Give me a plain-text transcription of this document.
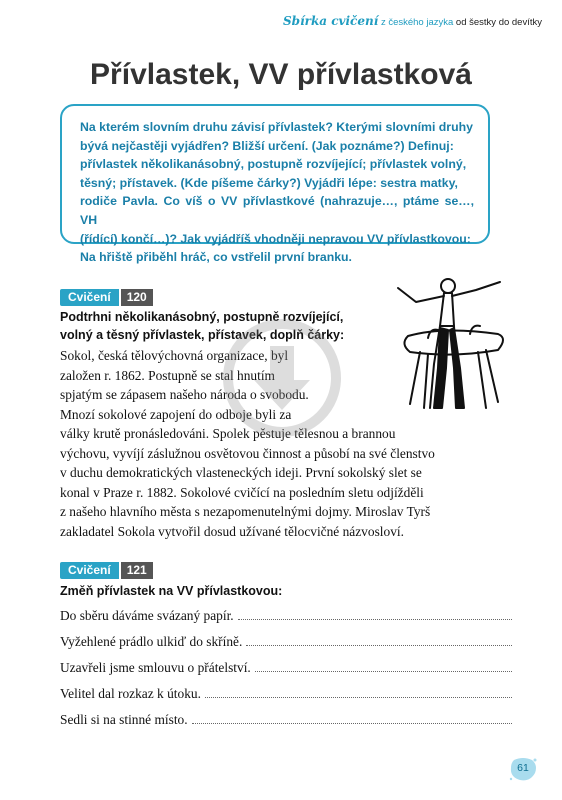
Sbírka cvičení z českého jazyka od šestky do devítky
Přívlastek, VV přívlastková
Na kterém slovním druhu závisí přívlastek? Kterými slovními druhy
bývá nejčastěji vyjádřen? Bližší určení. (Jak poznáme?) Definuj:
přívlastek několikanásobný, postupně rozvíjející; přívlastek volný,
těsný; přístavek. (Kde píšeme čárky?) Vyjádři lépe: sestra matky,
rodiče Pavla. Co víš o VV přívlastkové (nahrazuje…, ptáme se…, VH
(řídící) končí…)? Jak vyjádříš vhodněji nepravou VV přívlastkovou:
Na hřiště přiběhl hráč, co vstřelil první branku.
Cvičení	120
Podtrhni několikanásobný, postupně rozvíjející,
volný a těsný přívlastek, přístavek, doplň čárky:
Sokol, česká tělovýchovná organizace, byl
založen r. 1862. Postupně se stal hnutím
spjatým se zápasem našeho národa o svobodu.
Mnozí sokolové zapojení do odboje byli za
války krutě pronásledováni. Spolek pěstuje tělesnou a brannou
výchovu, vyvíjí záslužnou osvětovou činnost a působí na své členstvo
v duchu demokratických vlasteneckých ideji. První sokolský slet se
konal v Praze r. 1882. Sokolové cvičící na posledním sletu odjížděli
z našeho hlavního města s nezapomenutelnými dojmy. Miroslav Tyrš
zakladatel Sokola vytvořil dosud užívané tělocvičné názvosloví.
Cvičení	121
Změň přívlastek na VV přívlastkovou:
Do sběru dáváme svázaný papír.
Vyžehlené prádlo ulkiď do skříně.
Uzavřeli jsme smlouvu o přátelství.
Velitel dal rozkaz k útoku.
Sedli si na stinné místo.
61
